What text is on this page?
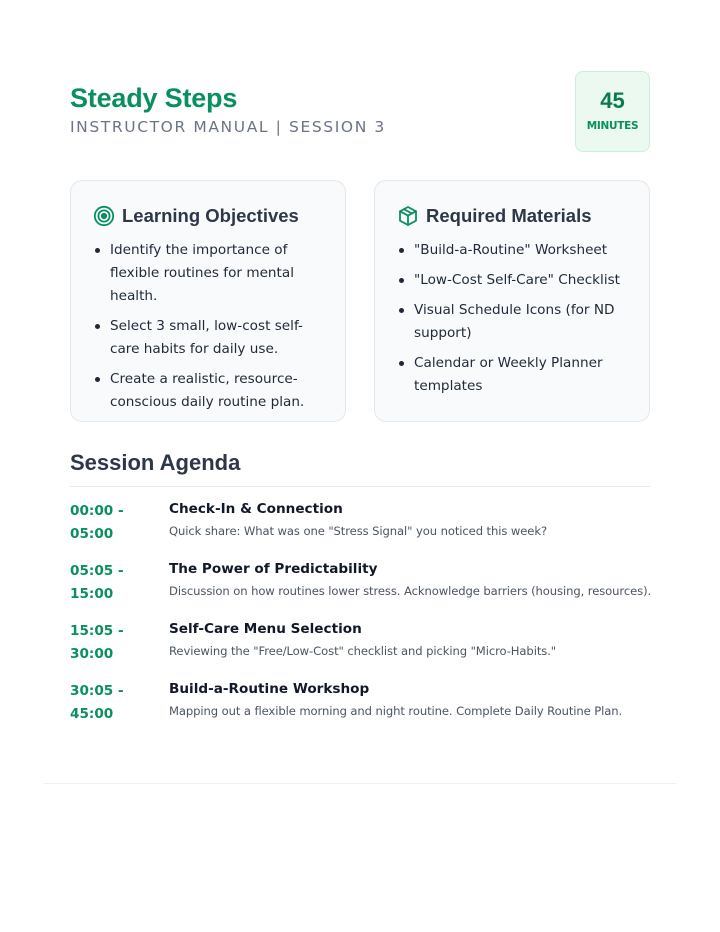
Steady Steps
INSTRUCTOR MANUAL | SESSION 3
45
MINUTES
Learning Objectives
Identify the importance of flexible routines for mental health.
Select 3 small, low-cost self-care habits for daily use.
Create a realistic, resource-conscious daily routine plan.
Required Materials
"Build-a-Routine" Worksheet
"Low-Cost Self-Care" Checklist
Visual Schedule Icons (for ND support)
Calendar or Weekly Planner templates
Session Agenda
00:00 -
05:00
Check-In & Connection
Quick share: What was one "Stress Signal" you noticed this week?
05:05 -
15:00
The Power of Predictability
Discussion on how routines lower stress. Acknowledge barriers (housing, resources).
15:05 -
30:00
Self-Care Menu Selection
Reviewing the "Free/Low-Cost" checklist and picking "Micro-Habits."
30:05 -
45:00
Build-a-Routine Workshop
Mapping out a flexible morning and night routine. Complete Daily Routine Plan.
